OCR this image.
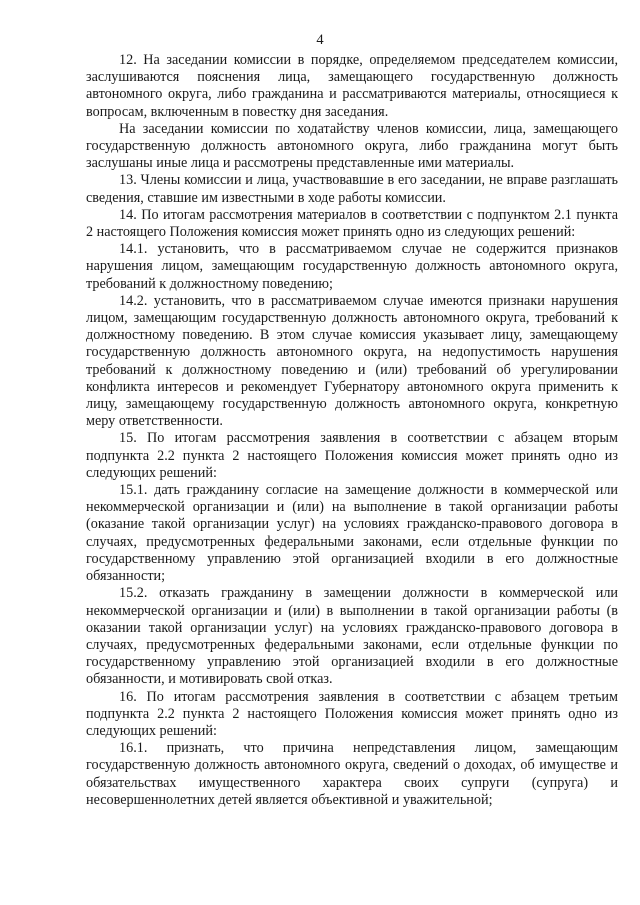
4

12. На заседании комиссии в порядке, определяемом председателем комиссии, заслушиваются пояснения лица, замещающего государственную должность автономного округа, либо гражданина и рассматриваются материалы, относящиеся к вопросам, включенным в повестку дня заседания.

На заседании комиссии по ходатайству членов комиссии, лица, замещающего государственную должность автономного округа, либо гражданина могут быть заслушаны иные лица и рассмотрены представленные ими материалы.

13. Члены комиссии и лица, участвовавшие в его заседании, не вправе разглашать сведения, ставшие им известными в ходе работы комиссии.

14. По итогам рассмотрения материалов в соответствии с подпунктом 2.1 пункта 2 настоящего Положения комиссия может принять одно из следующих решений:

14.1. установить, что в рассматриваемом случае не содержится признаков нарушения лицом, замещающим государственную должность автономного округа, требований к должностному поведению;

14.2. установить, что в рассматриваемом случае имеются признаки нарушения лицом, замещающим государственную должность автономного округа, требований к должностному поведению. В этом случае комиссия указывает лицу, замещающему государственную должность автономного округа, на недопустимость нарушения требований к должностному поведению и (или) требований об урегулировании конфликта интересов и рекомендует Губернатору автономного округа применить к лицу, замещающему государственную должность автономного округа, конкретную меру ответственности.

15. По итогам рассмотрения заявления в соответствии с абзацем вторым подпункта 2.2 пункта 2 настоящего Положения комиссия может принять одно из следующих решений:

15.1. дать гражданину согласие на замещение должности в коммерческой или некоммерческой организации и (или) на выполнение в такой организации работы (оказание такой организации услуг) на условиях гражданско-правового договора в случаях, предусмотренных федеральными законами, если отдельные функции по государственному управлению этой организацией входили в его должностные обязанности;

15.2. отказать гражданину в замещении должности в коммерческой или некоммерческой организации и (или) в выполнении в такой организации работы (в оказании такой организации услуг) на условиях гражданско-правового договора в случаях, предусмотренных федеральными законами, если отдельные функции по государственному управлению этой организацией входили в его должностные обязанности, и мотивировать свой отказ.

16. По итогам рассмотрения заявления в соответствии с абзацем третьим подпункта 2.2 пункта 2 настоящего Положения комиссия может принять одно из следующих решений:

16.1. признать, что причина непредставления лицом, замещающим государственную должность автономного округа, сведений о доходах, об имуществе и обязательствах имущественного характера своих супруги (супруга) и несовершеннолетних детей является объективной и уважительной;
